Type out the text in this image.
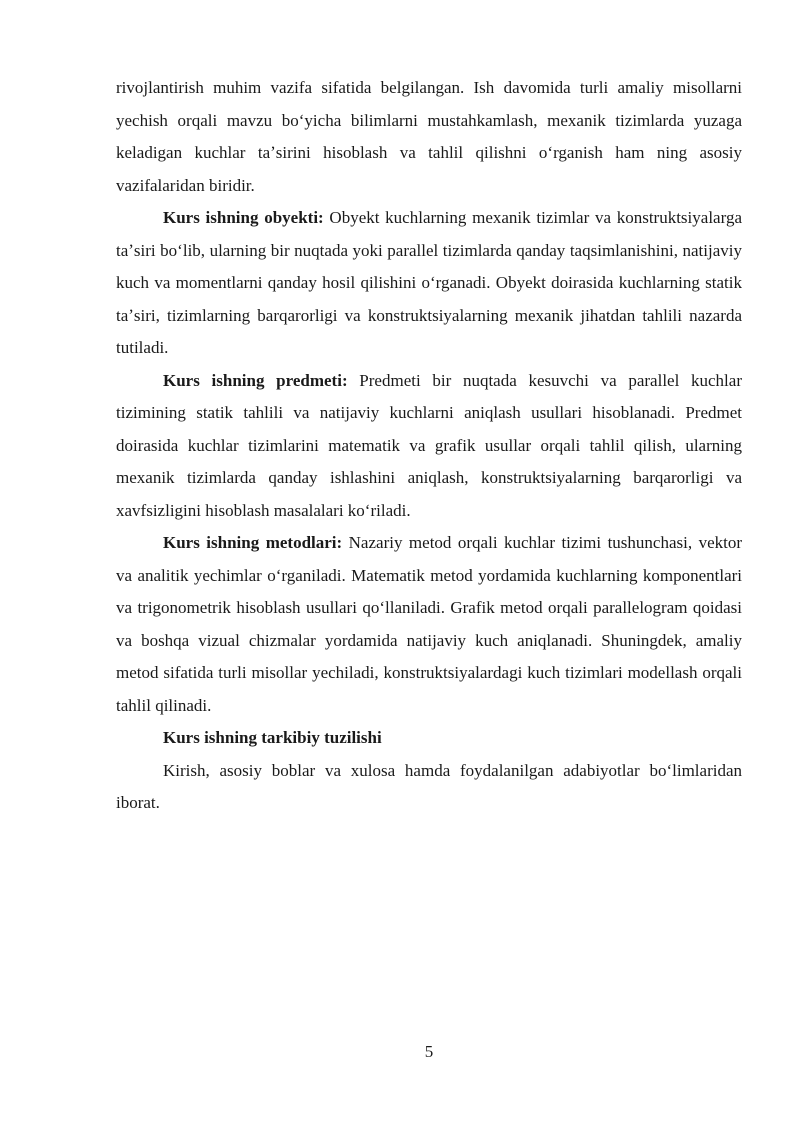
rivojlantirish muhim vazifa sifatida belgilangan. Ish davomida turli amaliy misollarni yechish orqali mavzu boʻyicha bilimlarni mustahkamlash, mexanik tizimlarda yuzaga keladigan kuchlar taʼsirini hisoblash va tahlil qilishni oʻrganish ham ning asosiy vazifalaridan biridir.

Kurs ishning obyekti: Obyekt kuchlarning mexanik tizimlar va konstruktsiyalarga taʼsiri boʻlib, ularning bir nuqtada yoki parallel tizimlarda qanday taqsimlanishini, natijaviy kuch va momentlarni qanday hosil qilishini oʻrganadi. Obyekt doirasida kuchlarning statik taʼsiri, tizimlarning barqarorligi va konstruktsiyalarning mexanik jihatdan tahlili nazarda tutiladi.

Kurs ishning predmeti: Predmeti bir nuqtada kesuvchi va parallel kuchlar tizimining statik tahlili va natijaviy kuchlarni aniqlash usullari hisoblanadi. Predmet doirasida kuchlar tizimlarini matematik va grafik usullar orqali tahlil qilish, ularning mexanik tizimlarda qanday ishlashini aniqlash, konstruktsiyalarning barqarorligi va xavfsizligini hisoblash masalalari koʻriladi.

Kurs ishning metodlari: Nazariy metod orqali kuchlar tizimi tushunchasi, vektor va analitik yechimlar oʻrganiladi. Matematik metod yordamida kuchlarning komponentlari va trigonometrik hisoblash usullari qoʻllaniladi. Grafik metod orqali parallelogram qoidasi va boshqa vizual chizmalar yordamida natijaviy kuch aniqlanadi. Shuningdek, amaliy metod sifatida turli misollar yechiladi, konstruktsiyalardagi kuch tizimlari modellash orqali tahlil qilinadi.

Kurs ishning tarkibiy tuzilishi

Kirish, asosiy boblar va xulosa hamda foydalanilgan adabiyotlar boʻlimlaridan iborat.

5
